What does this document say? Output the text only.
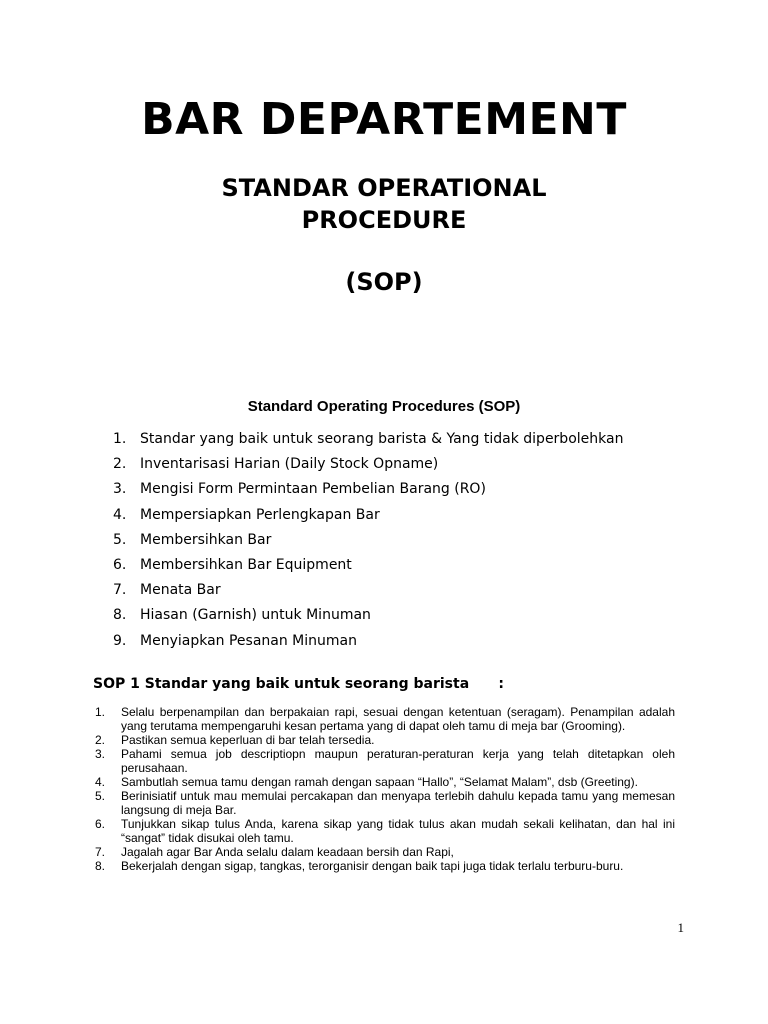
BAR DEPARTEMENT
STANDAR OPERATIONAL
PROCEDURE
(SOP)
Standard Operating Procedures (SOP)
1. Standar yang baik untuk seorang barista & Yang tidak diperbolehkan
2. Inventarisasi Harian (Daily Stock Opname)
3. Mengisi Form Permintaan Pembelian Barang (RO)
4. Mempersiapkan Perlengkapan Bar
5. Membersihkan Bar
6. Membersihkan Bar Equipment
7. Menata Bar
8. Hiasan (Garnish) untuk Minuman
9. Menyiapkan Pesanan Minuman
SOP 1 Standar yang baik untuk seorang barista      :
1.	Selalu berpenampilan dan berpakaian rapi, sesuai dengan ketentuan (seragam). Penampilan adalah yang terutama mempengaruhi kesan pertama yang di dapat oleh tamu di meja bar (Grooming).
2.	Pastikan semua keperluan di bar telah tersedia.
3.	Pahami semua job descriptiopn maupun peraturan-peraturan kerja yang telah ditetapkan oleh perusahaan.
4.	Sambutlah semua tamu dengan ramah dengan sapaan “Hallo”, “Selamat Malam”, dsb (Greeting).
5.	Berinisiatif untuk mau memulai percakapan dan menyapa terlebih dahulu kepada tamu yang memesan langsung di meja Bar.
6.	Tunjukkan sikap tulus Anda, karena sikap yang tidak tulus akan mudah sekali kelihatan, dan hal ini “sangat” tidak disukai oleh tamu.
7.	Jagalah agar Bar Anda selalu dalam keadaan bersih dan Rapi,
8.	Bekerjalah dengan sigap, tangkas, terorganisir dengan baik tapi juga tidak terlalu terburu-buru.
1
